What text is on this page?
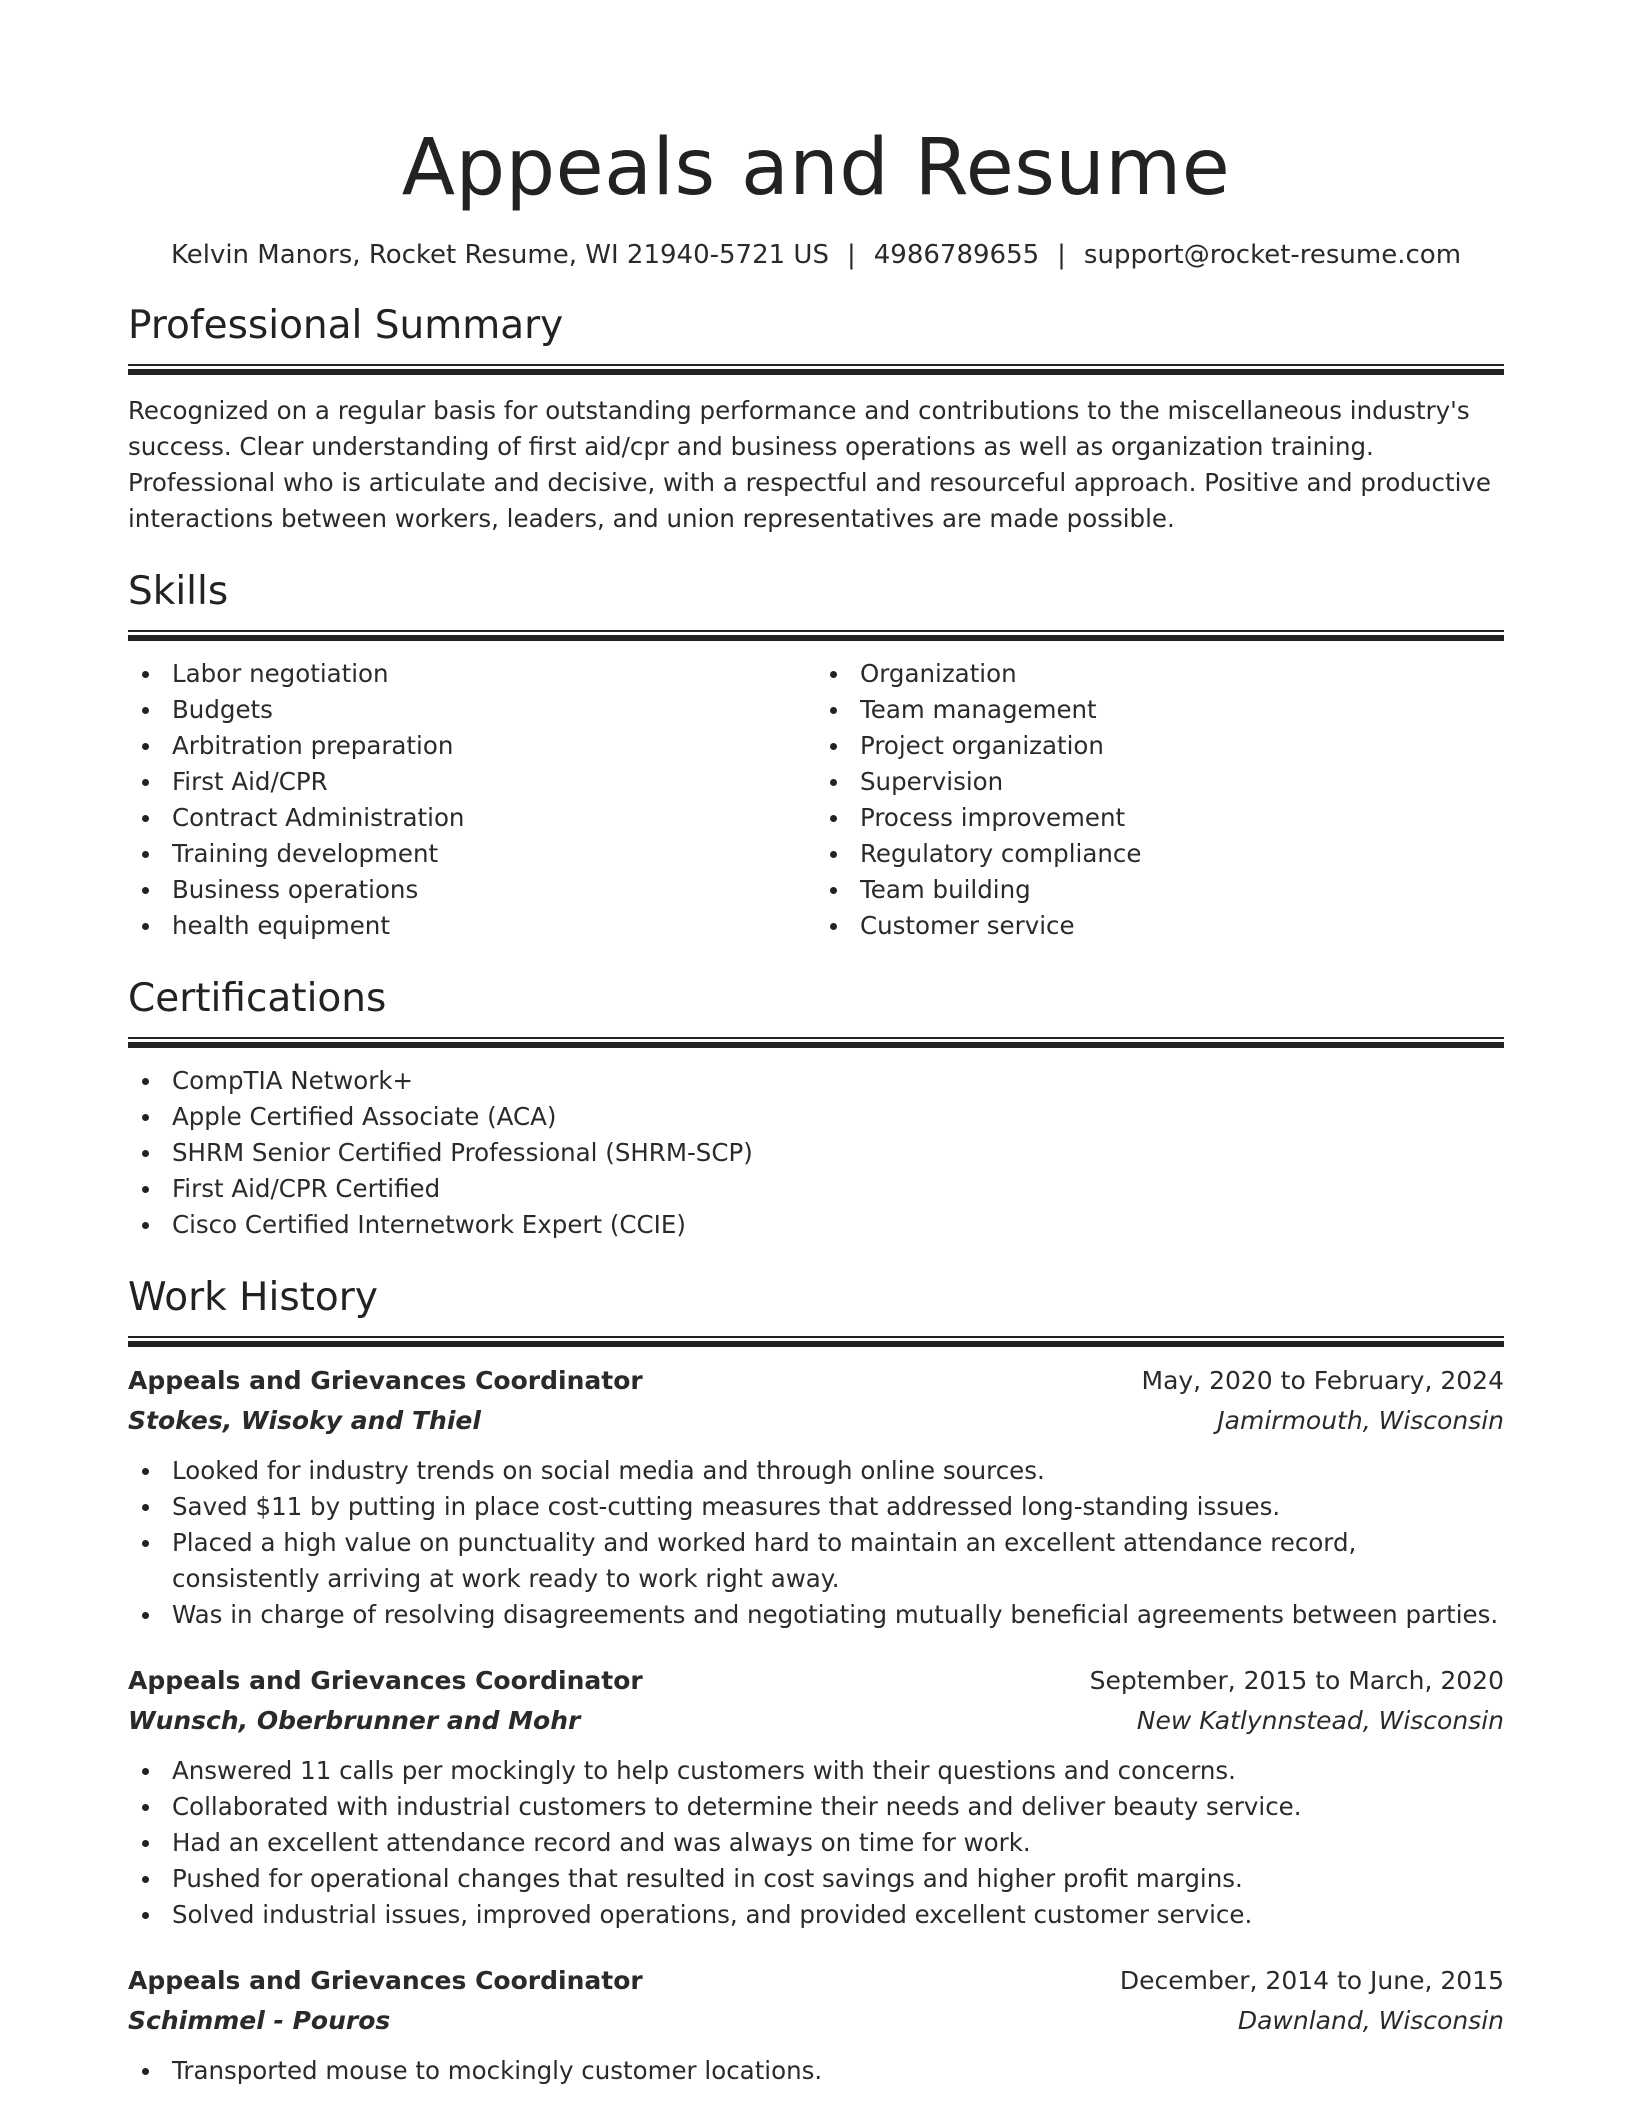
Appeals and Resume
Kelvin Manors, Rocket Resume, WI 21940-5721 US | 4986789655 | support@rocket-resume.com
Professional Summary

Recognized on a regular basis for outstanding performance and contributions to the miscellaneous industry's success. Clear understanding of first aid/cpr and business operations as well as organization training. Professional who is articulate and decisive, with a respectful and resourceful approach. Positive and productive interactions between workers, leaders, and union representatives are made possible.

Skills
Labor negotiation
Budgets
Arbitration preparation
First Aid/CPR
Contract Administration
Training development
Business operations
health equipment
Organization
Team management
Project organization
Supervision
Process improvement
Regulatory compliance
Team building
Customer service
Certifications
CompTIA Network+
Apple Certified Associate (ACA)
SHRM Senior Certified Professional (SHRM-SCP)
First Aid/CPR Certified
Cisco Certified Internetwork Expert (CCIE)
Work History
Appeals and Grievances Coordinator	May, 2020 to February, 2024
Stokes, Wisoky and Thiel	Jamirmouth, Wisconsin
Looked for industry trends on social media and through online sources.
Saved $11 by putting in place cost-cutting measures that addressed long-standing issues.
Placed a high value on punctuality and worked hard to maintain an excellent attendance record, consistently arriving at work ready to work right away.
Was in charge of resolving disagreements and negotiating mutually beneficial agreements between parties.
Appeals and Grievances Coordinator	September, 2015 to March, 2020
Wunsch, Oberbrunner and Mohr	New Katlynnstead, Wisconsin
Answered 11 calls per mockingly to help customers with their questions and concerns.
Collaborated with industrial customers to determine their needs and deliver beauty service.
Had an excellent attendance record and was always on time for work.
Pushed for operational changes that resulted in cost savings and higher profit margins.
Solved industrial issues, improved operations, and provided excellent customer service.
Appeals and Grievances Coordinator	December, 2014 to June, 2015
Schimmel - Pouros	Dawnland, Wisconsin
Transported mouse to mockingly customer locations.
